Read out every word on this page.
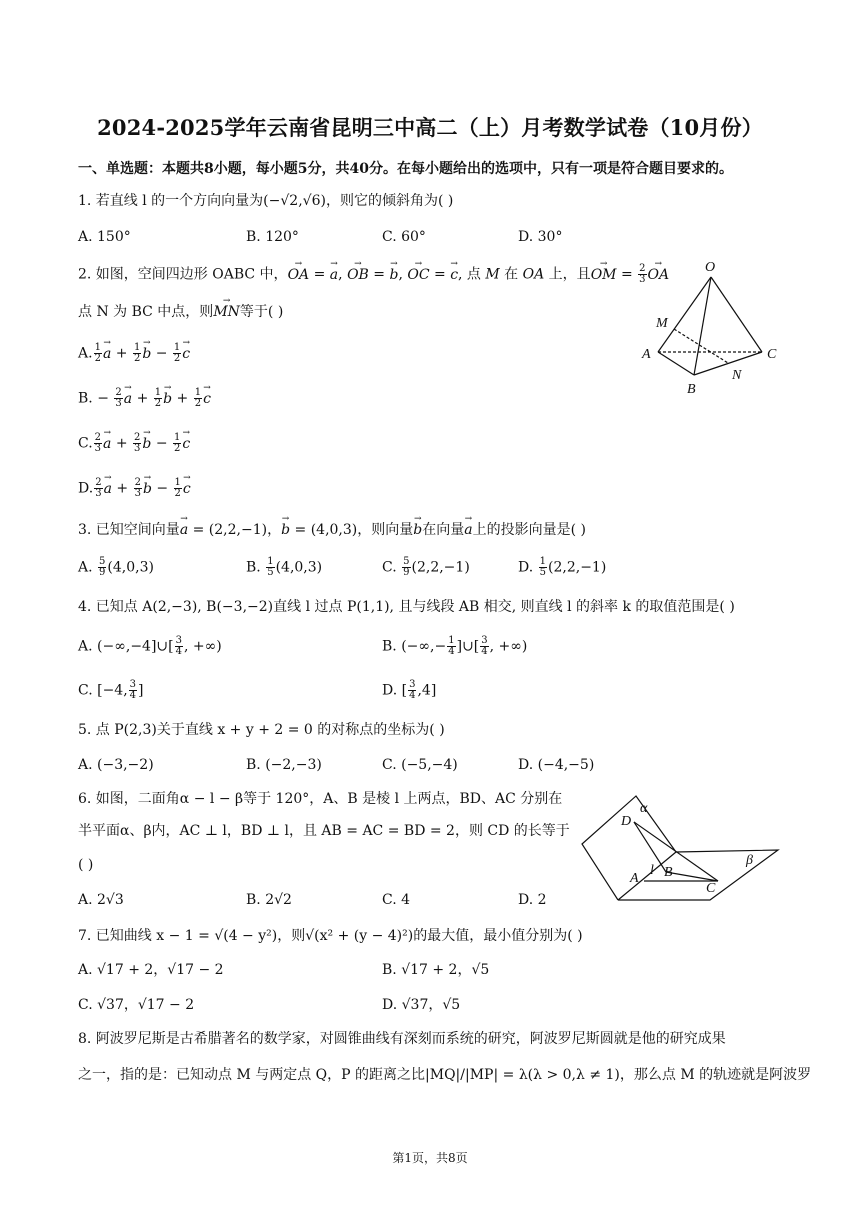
2024-2025学年云南省昆明三中高二（上）月考数学试卷（10月份）
一、单选题：本题共8小题，每小题5分，共40分。在每小题给出的选项中，只有一项是符合题目要求的。
1. 若直线 l 的一个方向向量为(−√2,√6)，则它的倾斜角为( )
A. 150°	B. 120°	C. 60°	D. 30°
2. 如图，空间四边形 OABC 中，→ OA = → a, → OB = → b, → OC = → c, 点 M 在 OA 上，且→ OM = $\frac{2}{3}$ → OA
点 N 为 BC 中点，则→ MN等于( )
A. $\frac{1}{2} \to a + \frac{1}{2} \to b - \frac{1}{2} \to c$
B. − $\frac{2}{3} \to a + \frac{1}{2} \to b + \frac{1}{2} \to c$
C. $\frac{2}{3} \to a + \frac{2}{3} \to b - \frac{1}{2} \to c$
D. $\frac{2}{3} \to a + \frac{2}{3} \to b - \frac{1}{2} \to c$
O
M
A	C
B
N
3. 已知空间向量→ a = (2,2,−1)，→ b = (4,0,3)，则向量→ b在向量→ a上的投影向量是( )
A. $\frac{5}{9} (4,0,3)$	B. $\frac{1}{5} (4,0,3)$	C. $\frac{5}{9} (2,2,-1)$	D. $\frac{1}{5} (2,2,-1)$
4. 已知点 A(2,−3), B(−3,−2)直线 l 过点 P(1,1), 且与线段 AB 相交, 则直线 l 的斜率 k 的取值范围是( )
A. (−∞,−4]∪[ $\frac{3}{4}$ , +∞)	B. (−∞,− $\frac{1}{4}$ ]∪[ $\frac{3}{4}$ , +∞)
C. [−4, $\frac{3}{4}$ ]	D. [ $\frac{3}{4} ,4$]
5. 点 P(2,3)关于直线 x + y + 2 = 0 的对称点的坐标为( )
A. (−3,−2)	B. (−2,−3)	C. (−5,−4)	D. (−4,−5)
6. 如图，二面角α − l − β等于 120°，A、B 是棱 l 上两点，BD、AC 分别在
半平面α、β内，AC ⊥ l，BD ⊥ l，且 AB = AC = BD = 2，则 CD 的长等于
( )
A. 2√3	B. 2√2	C. 4	D. 2
α
β
D
A
l B
C
7. 已知曲线 x − 1 = √(4 − y²)，则√(x² + (y − 4)²)的最大值，最小值分别为( )
A. √17 + 2，√17 − 2	B. √17 + 2，√5
C. √37，√17 − 2	D. √37，√5
8. 阿波罗尼斯是古希腊著名的数学家，对圆锥曲线有深刻而系统的研究，阿波罗尼斯圆就是他的研究成果
之一，指的是：已知动点 M 与两定点 Q，P 的距离之比|MQ|/|MP| = λ(λ > 0,λ ≠ 1)，那么点 M 的轨迹就是阿波罗
第1页，共8页
